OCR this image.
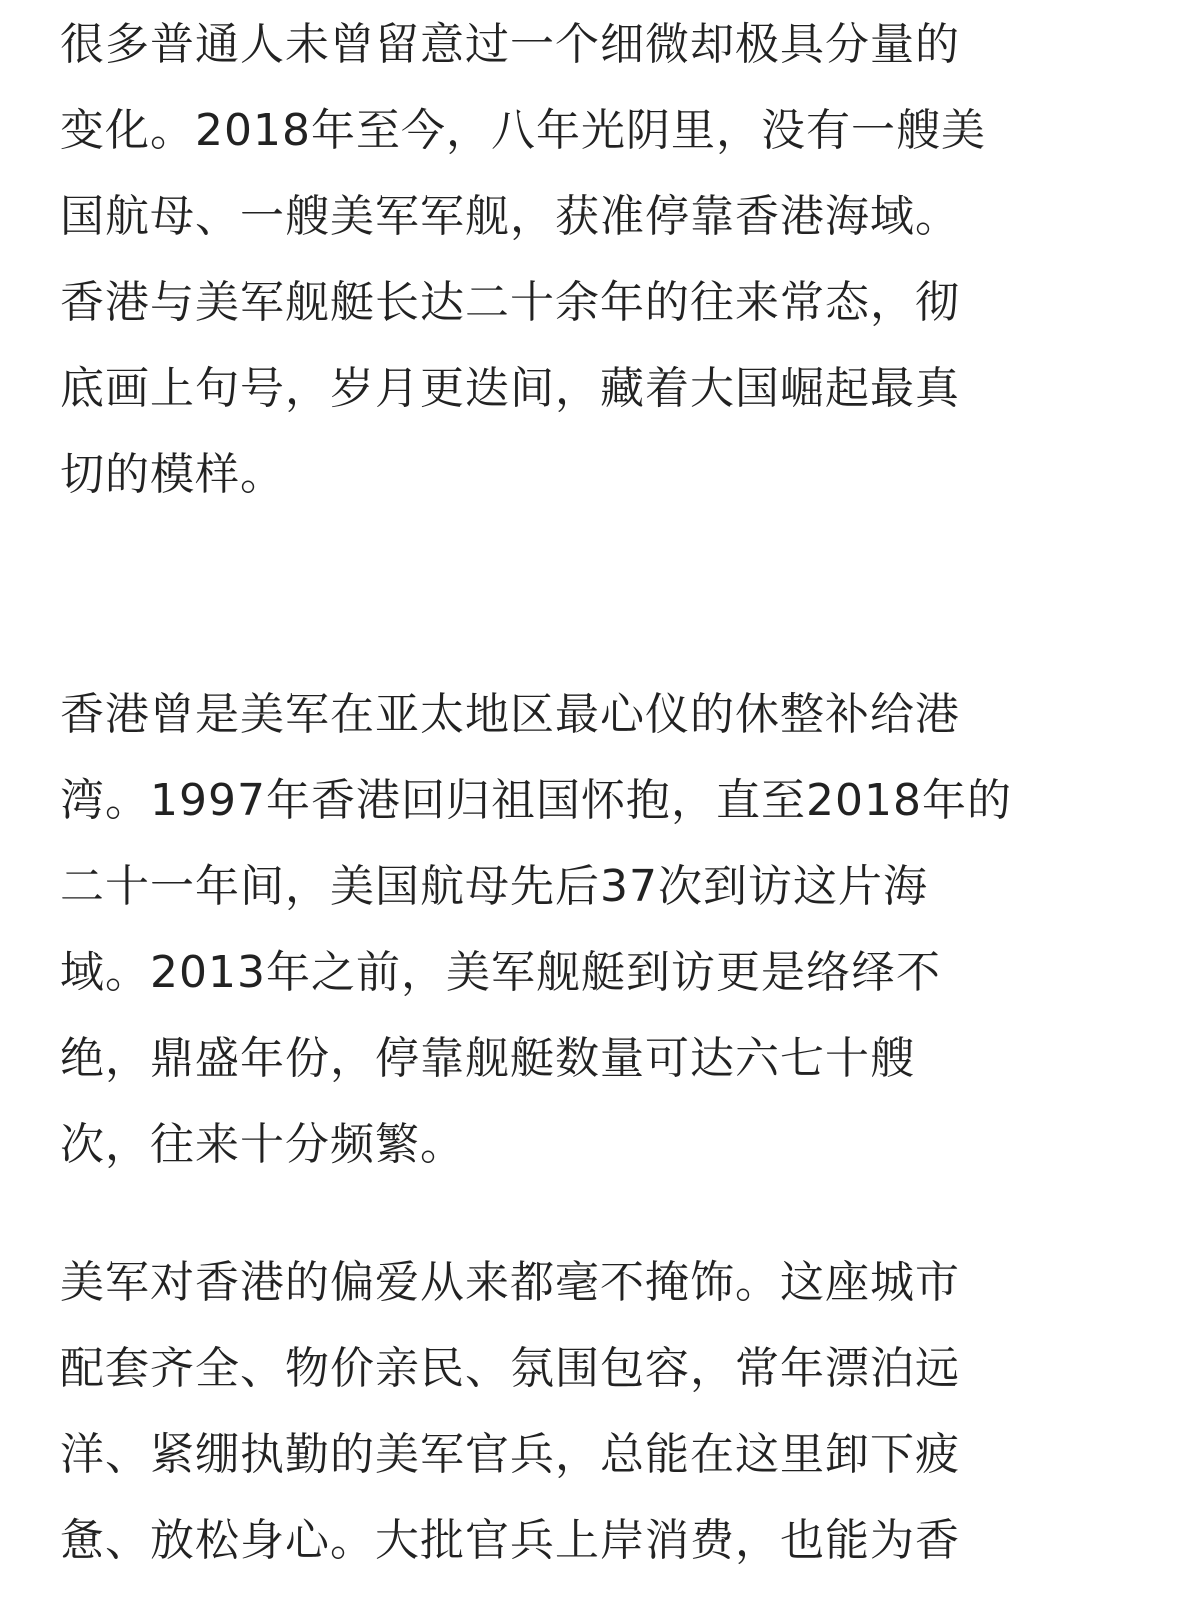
很多普通人未曾留意过一个细微却极具分量的
变化。2018年至今，八年光阴里，没有一艘美
国航母、一艘美军军舰，获准停靠香港海域。
香港与美军舰艇长达二十余年的往来常态，彻
底画上句号，岁月更迭间，藏着大国崛起最真
切的模样。

香港曾是美军在亚太地区最心仪的休整补给港
湾。1997年香港回归祖国怀抱，直至2018年的
二十一年间，美国航母先后37次到访这片海
域。2013年之前，美军舰艇到访更是络绎不
绝，鼎盛年份，停靠舰艇数量可达六七十艘
次，往来十分频繁。

美军对香港的偏爱从来都毫不掩饰。这座城市
配套齐全、物价亲民、氛围包容，常年漂泊远
洋、紧绷执勤的美军官兵，总能在这里卸下疲
惫、放松身心。大批官兵上岸消费，也能为香
